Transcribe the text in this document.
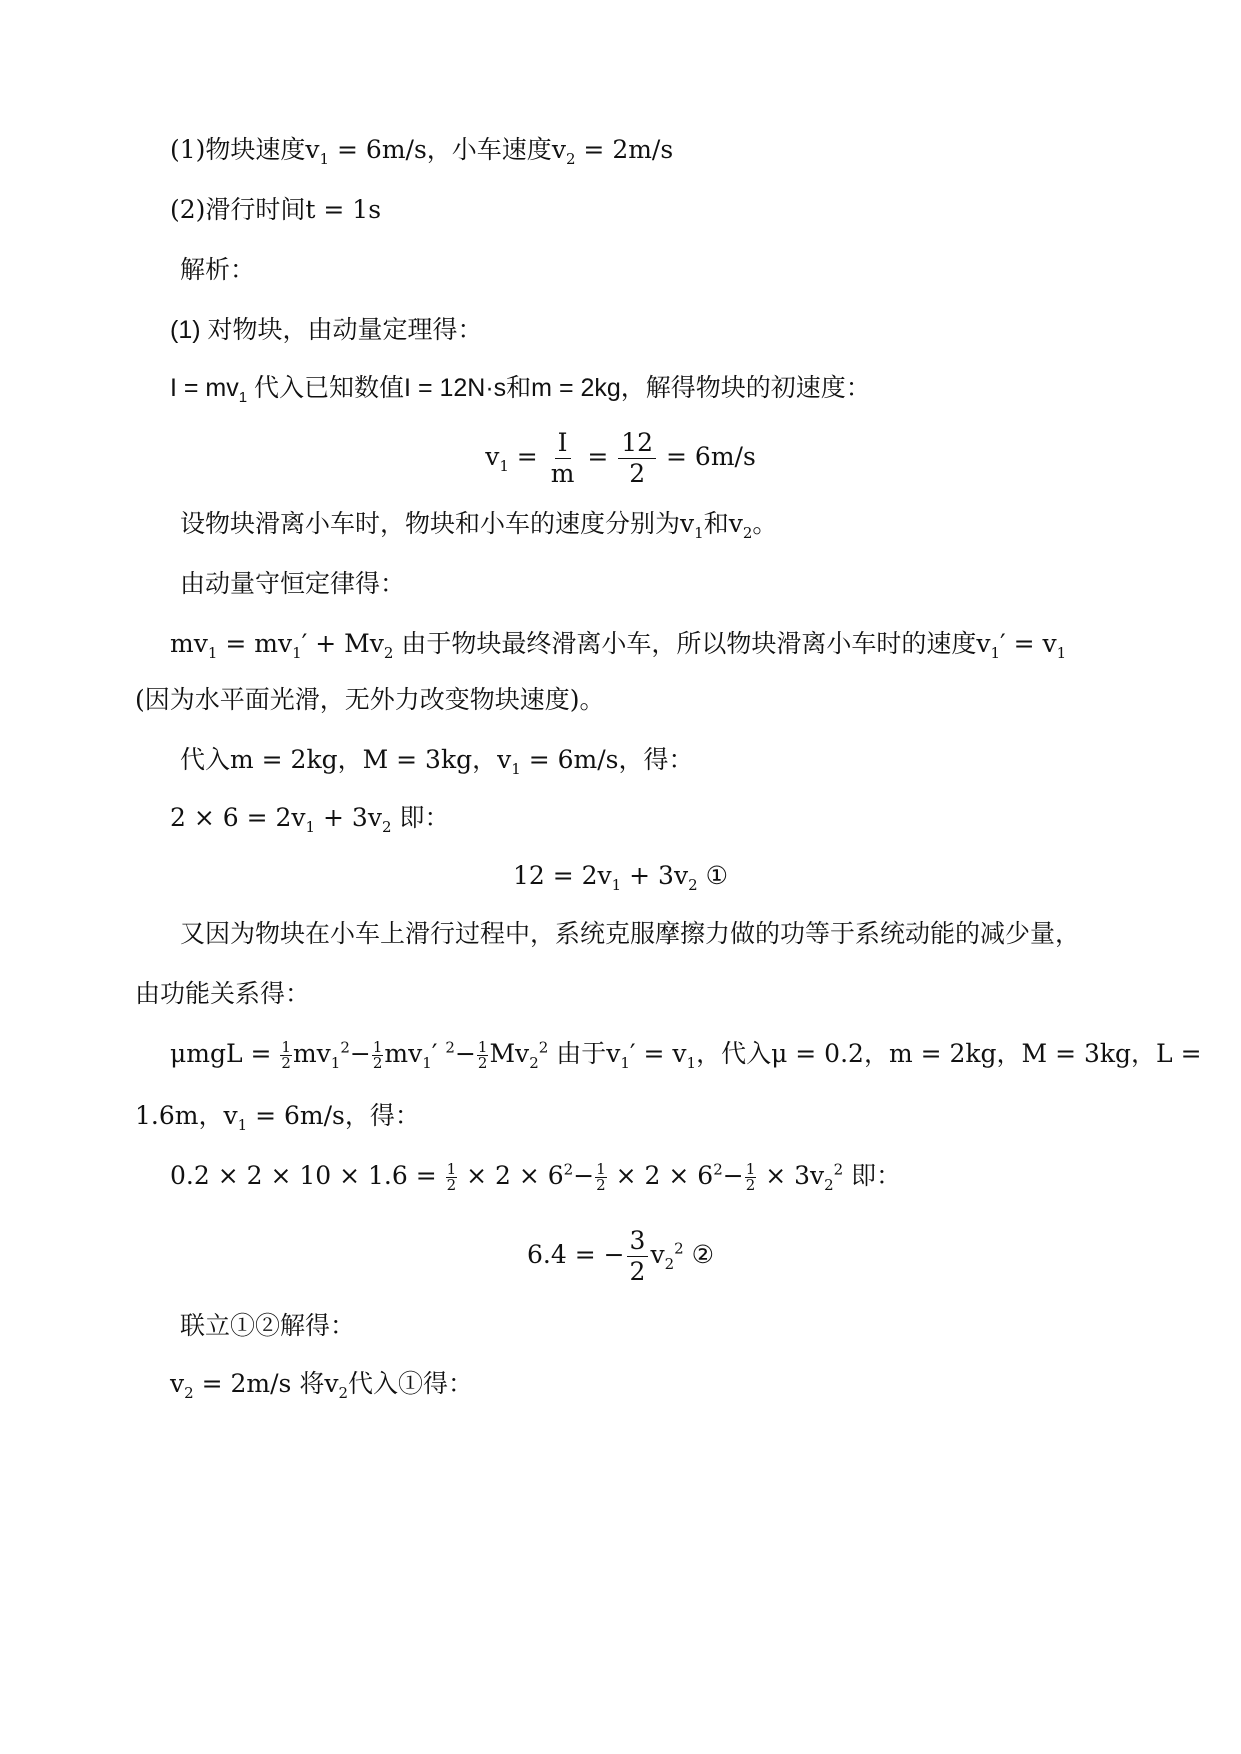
(1)物块速度$v_1 = 6m/s$，小车速度$v_2 = 2m/s$
(2)滑行时间t = 1s
解析：
(1) 对物块，由动量定理得：
$I = mv_1$ 代入已知数值I = 12N·s和m = 2kg，解得物块的初速度：
$v_1 = \frac{I}{m} = \frac{12}{2} = 6m/s$
设物块滑离小车时，物块和小车的速度分别为$v_1$和$v_2$。
由动量守恒定律得：
$mv_1 = mv_1' + Mv_2$ 由于物块最终滑离小车，所以物块滑离小车时的速度$v_1' = v_1$
(因为水平面光滑，无外力改变物块速度)。
代入m = 2kg，M = 3kg，$v_1 = 6m/s$，得：
$2 \times 6 = 2v_1 + 3v_2$ 即：
$12 = 2v_1 + 3v_2$ ①
又因为物块在小车上滑行过程中，系统克服摩擦力做的功等于系统动能的减少量，
由功能关系得：
$\mu mgL = \frac{1}{2} mv_1^2- \frac{1}{2} mv_1'$ $^2- \frac{1}{2} Mv_2^2$ 由于$v_1' = v_1$，代入μ = 0.2，m = 2kg，M = 3kg，L =
1.6m，$v_1 = 6m/s$，得：
$0.2 \times 2 \times 10 \times 1.6 = \frac{1}{2} \times 2 \times 6^2- \frac{1}{2} \times 2 \times 6^2- \frac{1}{2} \times 3v_2^2$ 即：
6.4 = − $\frac{3}{2} v_2^2$ ②
联立①②解得：
$v_2 = 2m/s$ 将$v_2$代入①得：
